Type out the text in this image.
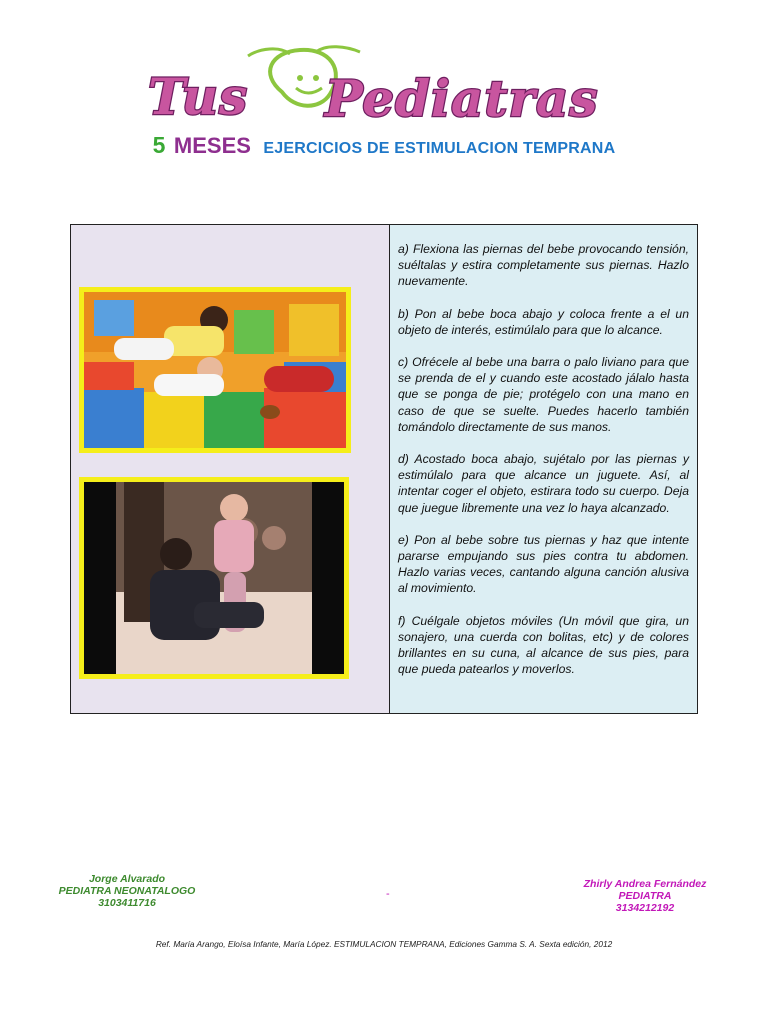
Tus Pediatras
5 MESES EJERCICIOS DE ESTIMULACION TEMPRANA

a) Flexiona las piernas del bebe provocando tensión, suéltalas y estira completamente sus piernas. Hazlo nuevamente.

b) Pon al bebe boca abajo y coloca frente a el un objeto de interés, estimúlalo para que lo alcance.

c) Ofrécele al bebe una barra o palo liviano para que se prenda de el y cuando este acostado jálalo hasta que se ponga de pie; protégelo con una mano en caso de que se suelte. Puedes hacerlo también tomándolo directamente de sus manos.

d) Acostado boca abajo, sujétalo por las piernas y estimúlalo para que alcance un juguete. Así, al intentar coger el objeto, estirara todo su cuerpo. Deja que juegue libremente una vez lo haya alcanzado.

e) Pon al bebe sobre tus piernas y haz que intente pararse empujando sus pies contra tu abdomen. Hazlo varias veces, cantando alguna canción alusiva al movimiento.

f) Cuélgale objetos móviles (Un móvil que gira, un sonajero, una cuerda con bolitas, etc) y de colores brillantes en su cuna, al alcance de sus pies, para que pueda patearlos y moverlos.

Jorge Alvarado
PEDIATRA NEONATALOGO
3103411716
-
Zhirly Andrea Fernández
PEDIATRA
3134212192
Ref. María Arango, Eloísa Infante, María López. ESTIMULACION TEMPRANA, Ediciones Gamma S. A. Sexta edición, 2012
